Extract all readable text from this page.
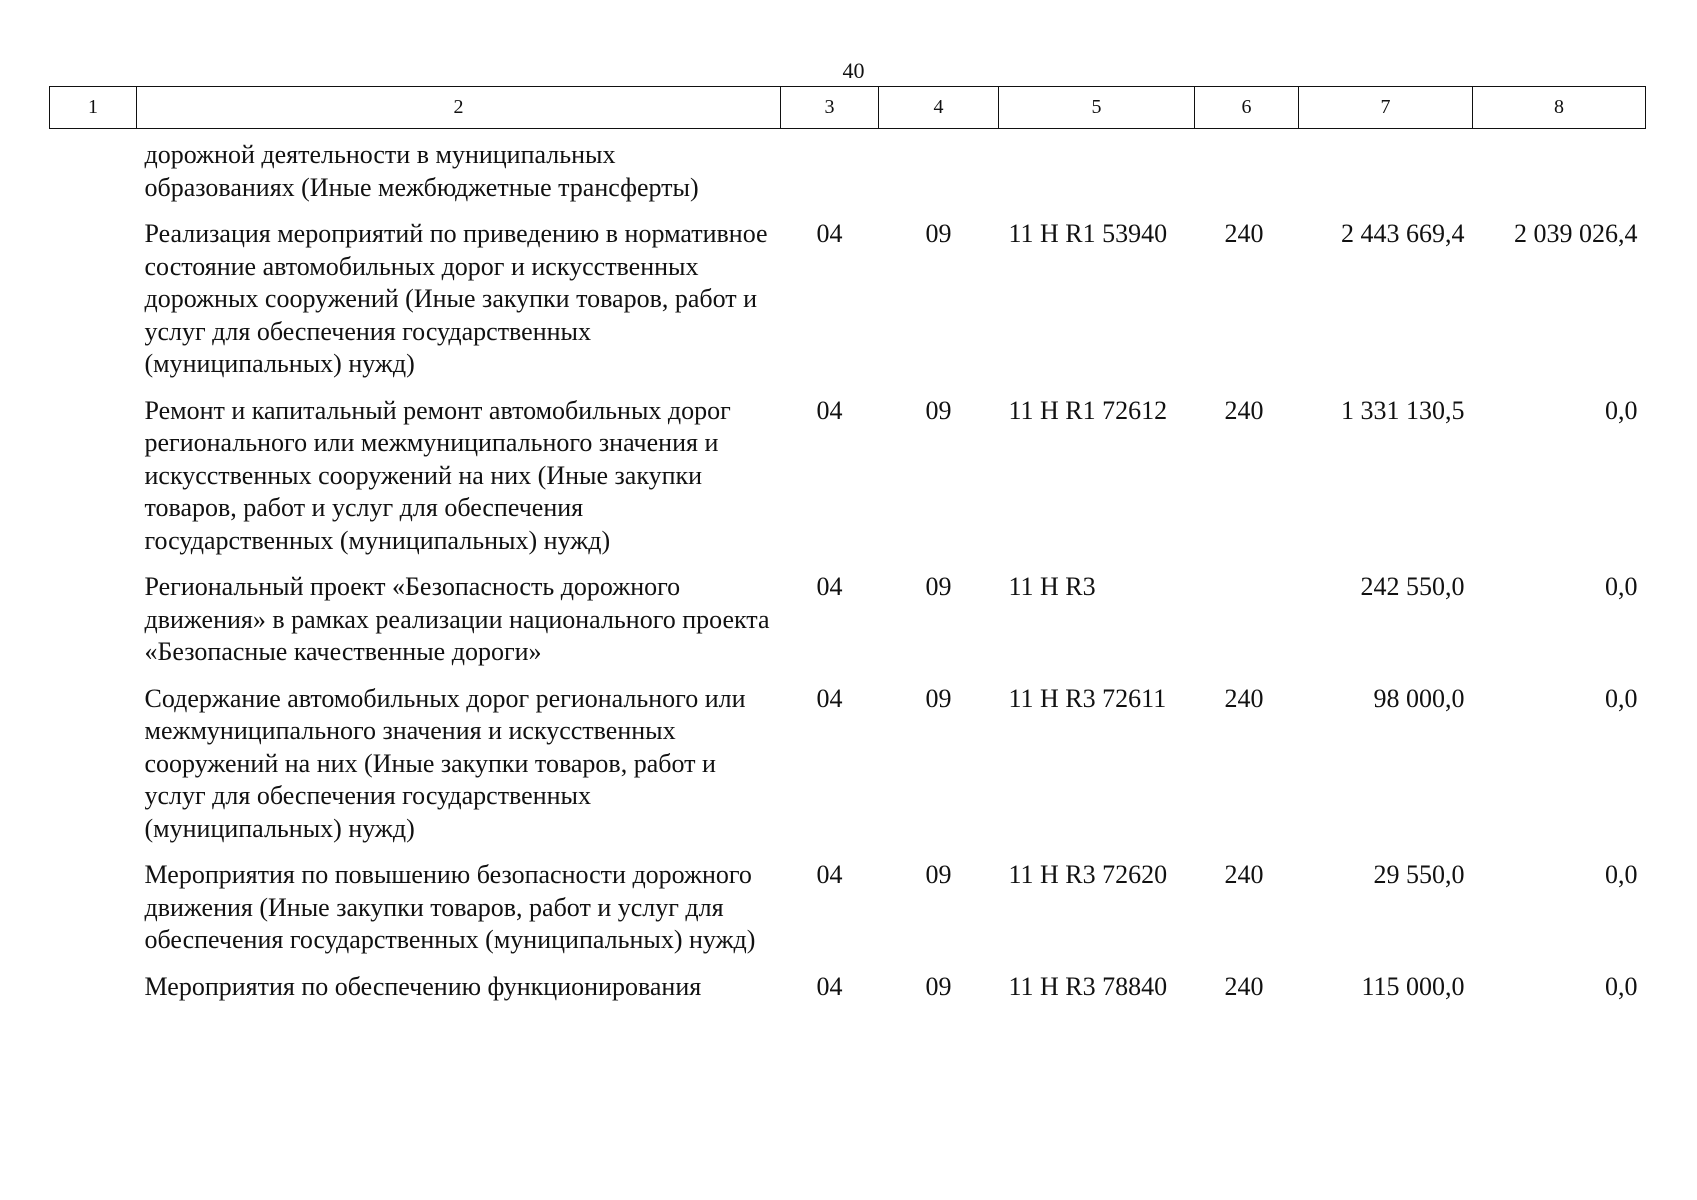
40
1	2	3	4	5	6	7	8
дорожной деятельности в муниципальных образованиях (Иные межбюджетные трансферты)							
Реализация мероприятий по приведению в нормативное состояние автомобильных дорог и искусственных дорожных сооружений (Иные закупки товаров, работ и услуг для обеспечения государственных (муниципальных) нужд)		04	09	11 Н R1 53940	240	2 443 669,4	2 039 026,4
Ремонт и капитальный ремонт автомобильных дорог регионального или межмуниципального значения и искусственных сооружений на них (Иные закупки товаров, работ и услуг для обеспечения государственных (муниципальных) нужд)		04	09	11 Н R1 72612	240	1 331 130,5	0,0
Региональный проект «Безопасность дорожного движения» в рамках реализации национального проекта «Безопасные качественные дороги»		04	09	11 Н R3		242 550,0	0,0
Содержание автомобильных дорог регионального или межмуниципального значения и искусственных сооружений на них (Иные закупки товаров, работ и услуг для обеспечения государственных (муниципальных) нужд)		04	09	11 Н R3 72611	240	98 000,0	0,0
Мероприятия по повышению безопасности дорожного движения (Иные закупки товаров, работ и услуг для обеспечения государственных (муниципальных) нужд)		04	09	11 Н R3 72620	240	29 550,0	0,0
Мероприятия по обеспечению функционирования		04	09	11 Н R3 78840	240	115 000,0	0,0
